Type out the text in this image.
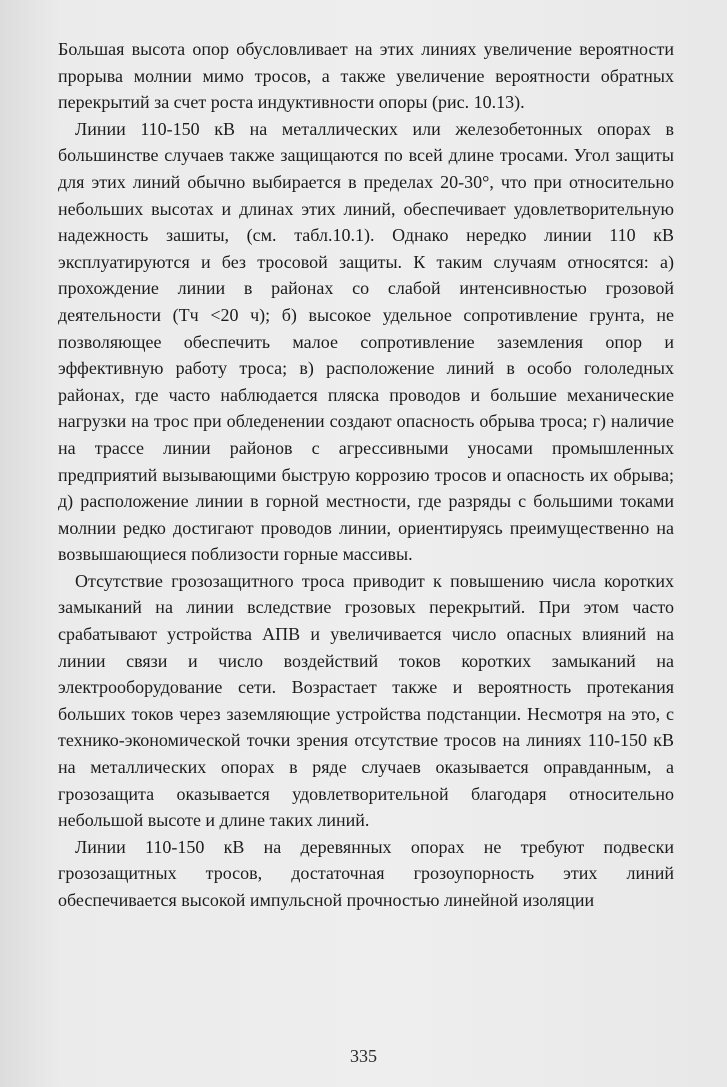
Большая высота опор обусловливает на этих линиях увеличение вероятности прорыва молнии мимо тросов, а также увеличение вероятности обратных перекрытий за счет роста индуктивности опоры (рис. 10.13).

Линии 110-150 кВ на металлических или железобетонных опорах в большинстве случаев также защищаются по всей длине тросами. Угол защиты для этих линий обычно выбирается в пределах 20-30°, что при относительно небольших высотах и длинах этих линий, обеспечивает удовлетворительную надежность зашиты, (см. табл.10.1). Однако нередко линии 110 кВ эксплуатируются и без тросовой защиты. К таким случаям относятся: а) прохождение линии в районах со слабой интенсивностью грозовой деятельности (Tч <20 ч); б) высокое удельное сопротивление грунта, не позволяющее обеспечить малое сопротивление заземления опор и эффективную работу троса; в) расположение линий в особо гололедных районах, где часто наблюдается пляска проводов и большие механические нагрузки на трос при обледенении создают опасность обрыва троса; г) наличие на трассе линии районов с агрессивными уносами промышленных предприятий вызывающими быструю коррозию тросов и опасность их обрыва; д) расположение линии в горной местности, где разряды с большими токами молнии редко достигают проводов линии, ориентируясь преимущественно на возвышающиеся поблизости горные массивы.

Отсутствие грозозащитного троса приводит к повышению числа коротких замыканий на линии вследствие грозовых перекрытий. При этом часто срабатывают устройства АПВ и увеличивается число опасных влияний на линии связи и число воздействий токов коротких замыканий на электрооборудование сети. Возрастает также и вероятность протекания больших токов через заземляющие устройства подстанции. Несмотря на это, с технико-экономической точки зрения отсутствие тросов на линиях 110-150 кВ на металлических опорах в ряде случаев оказывается оправданным, а грозозащита оказывается удовлетворительной благодаря относительно небольшой высоте и длине таких линий.

Линии 110-150 кВ на деревянных опорах не требуют подвески грозозащитных тросов, достаточная грозоупорность этих линий обеспечивается высокой импульсной прочностью линейной изоляции

335
